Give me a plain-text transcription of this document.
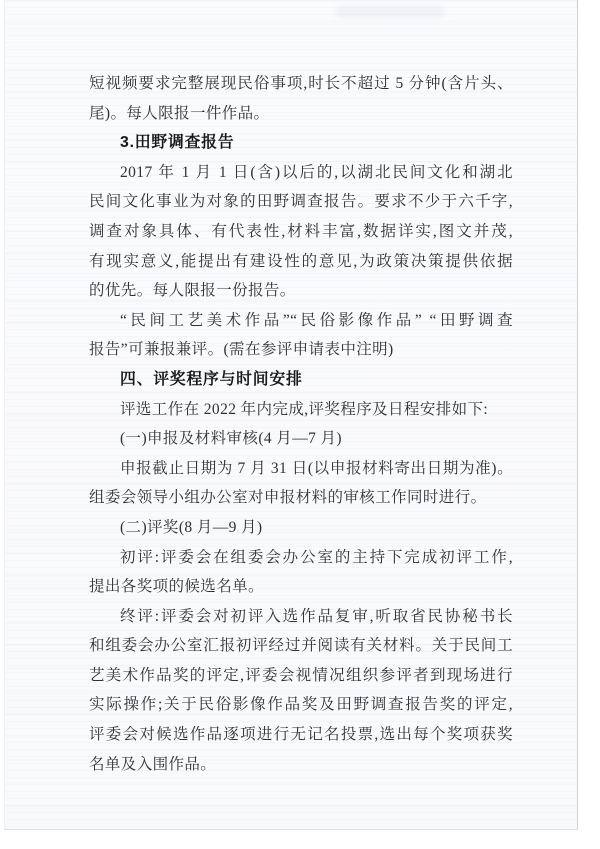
短视频要求完整展现民俗事项,时长不超过 5 分钟(含片头、
尾)。每人限报一件作品。
3.田野调查报告
2017 年 1 月 1 日(含)以后的,以湖北民间文化和湖北
民间文化事业为对象的田野调查报告。要求不少于六千字,
调查对象具体、有代表性,材料丰富,数据详实,图文并茂,
有现实意义,能提出有建设性的意见,为政策决策提供依据
的优先。每人限报一份报告。
“民间工艺美术作品”“民俗影像作品” “田野调查
报告”可兼报兼评。(需在参评申请表中注明)
四、评奖程序与时间安排
评选工作在 2022 年内完成,评奖程序及日程安排如下:
(一)申报及材料审核(4 月—7 月)
申报截止日期为 7 月 31 日(以申报材料寄出日期为准)。
组委会领导小组办公室对申报材料的审核工作同时进行。
(二)评奖(8 月—9 月)
初评:评委会在组委会办公室的主持下完成初评工作,
提出各奖项的候选名单。
终评:评委会对初评入选作品复审,听取省民协秘书长
和组委会办公室汇报初评经过并阅读有关材料。关于民间工
艺美术作品奖的评定,评委会视情况组织参评者到现场进行
实际操作;关于民俗影像作品奖及田野调查报告奖的评定,
评委会对候选作品逐项进行无记名投票,选出每个奖项获奖
名单及入围作品。
